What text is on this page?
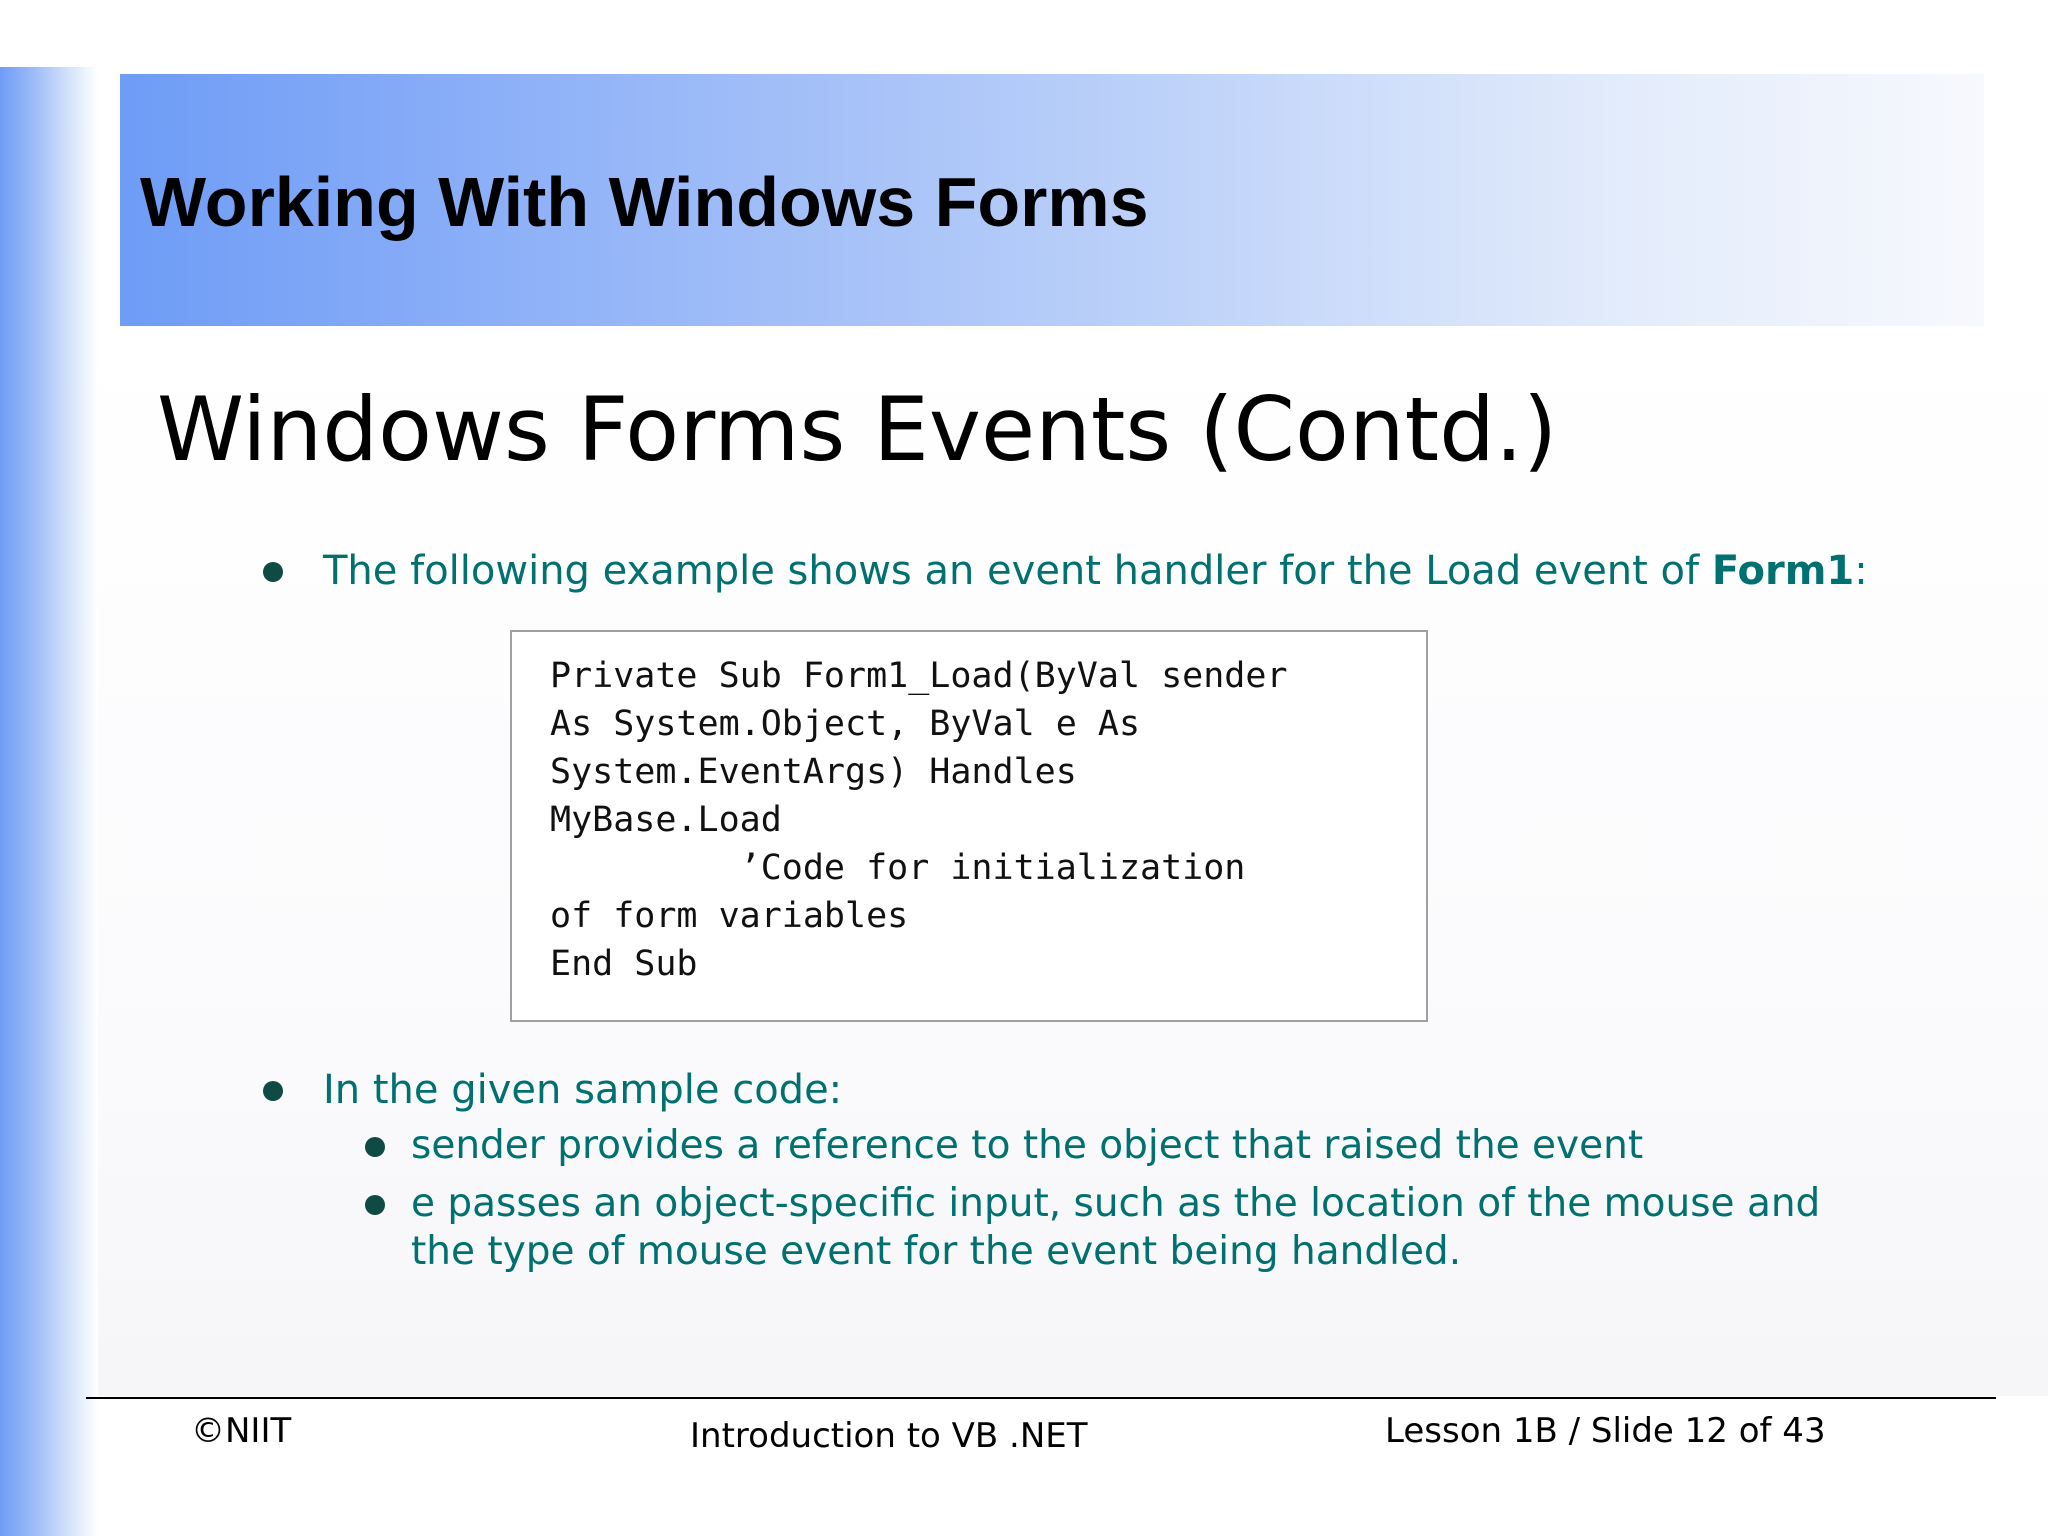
Working With Windows Forms
Windows Forms Events (Contd.)
The following example shows an event handler for the Load event of Form1:
Private Sub Form1_Load(ByVal sender
As System.Object, ByVal e As
System.EventArgs) Handles
MyBase.Load
’Code for initialization
of form variables
End Sub
In the given sample code:
sender provides a reference to the object that raised the event
e passes an object-specific input, such as the location of the mouse and
the type of mouse event for the event being handled.
©NIIT	Introduction to VB .NET	Lesson 1B / Slide 12 of 43
